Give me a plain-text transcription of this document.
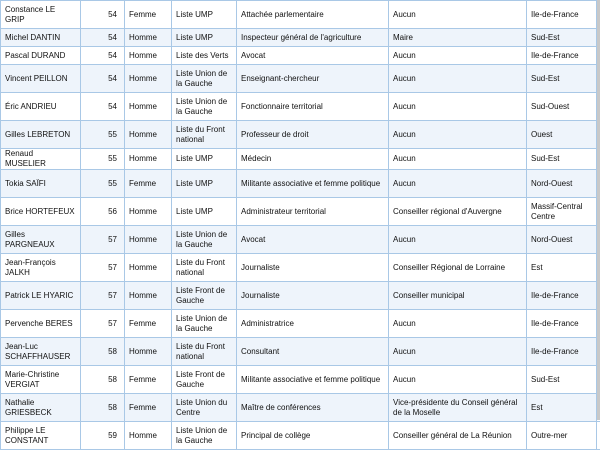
Constance LE GRIP	54	Femme	Liste UMP	Attachée parlementaire	Aucun	Ile-de-France	
Michel DANTIN	54	Homme	Liste UMP	Inspecteur général de l'agriculture	Maire	Sud-Est	
Pascal DURAND	54	Homme	Liste des Verts	Avocat	Aucun	Ile-de-France	
Vincent PEILLON	54	Homme	Liste Union de la Gauche	Enseignant-chercheur	Aucun	Sud-Est	
Éric ANDRIEU	54	Homme	Liste Union de la Gauche	Fonctionnaire territorial	Aucun	Sud-Ouest	
Gilles LEBRETON	55	Homme	Liste du Front national	Professeur de droit	Aucun	Ouest	
Renaud MUSELIER	55	Homme	Liste UMP	Médecin	Aucun	Sud-Est	
Tokia SAÏFI	55	Femme	Liste UMP	Militante associative et femme politique	Aucun	Nord-Ouest	
Brice HORTEFEUX	56	Homme	Liste UMP	Administrateur territorial	Conseiller régional d'Auvergne	Massif-Central Centre	
Gilles PARGNEAUX	57	Homme	Liste Union de la Gauche	Avocat	Aucun	Nord-Ouest	
Jean-François JALKH	57	Homme	Liste du Front national	Journaliste	Conseiller Régional de Lorraine	Est	
Patrick LE HYARIC	57	Homme	Liste Front de Gauche	Journaliste	Conseiller municipal	Ile-de-France	
Pervenche BERES	57	Femme	Liste Union de la Gauche	Administratrice	Aucun	Ile-de-France	
Jean-Luc SCHAFFHAUSER	58	Homme	Liste du Front national	Consultant	Aucun	Ile-de-France	
Marie-Christine VERGIAT	58	Femme	Liste Front de Gauche	Militante associative et femme politique	Aucun	Sud-Est	
Nathalie GRIESBECK	58	Femme	Liste Union du Centre	Maître de conférences	Vice-présidente du Conseil général de la Moselle	Est	
Philippe LE CONSTANT	59	Homme	Liste Union de la Gauche	Principal de collège	Conseiller général de La Réunion	Outre-mer	
